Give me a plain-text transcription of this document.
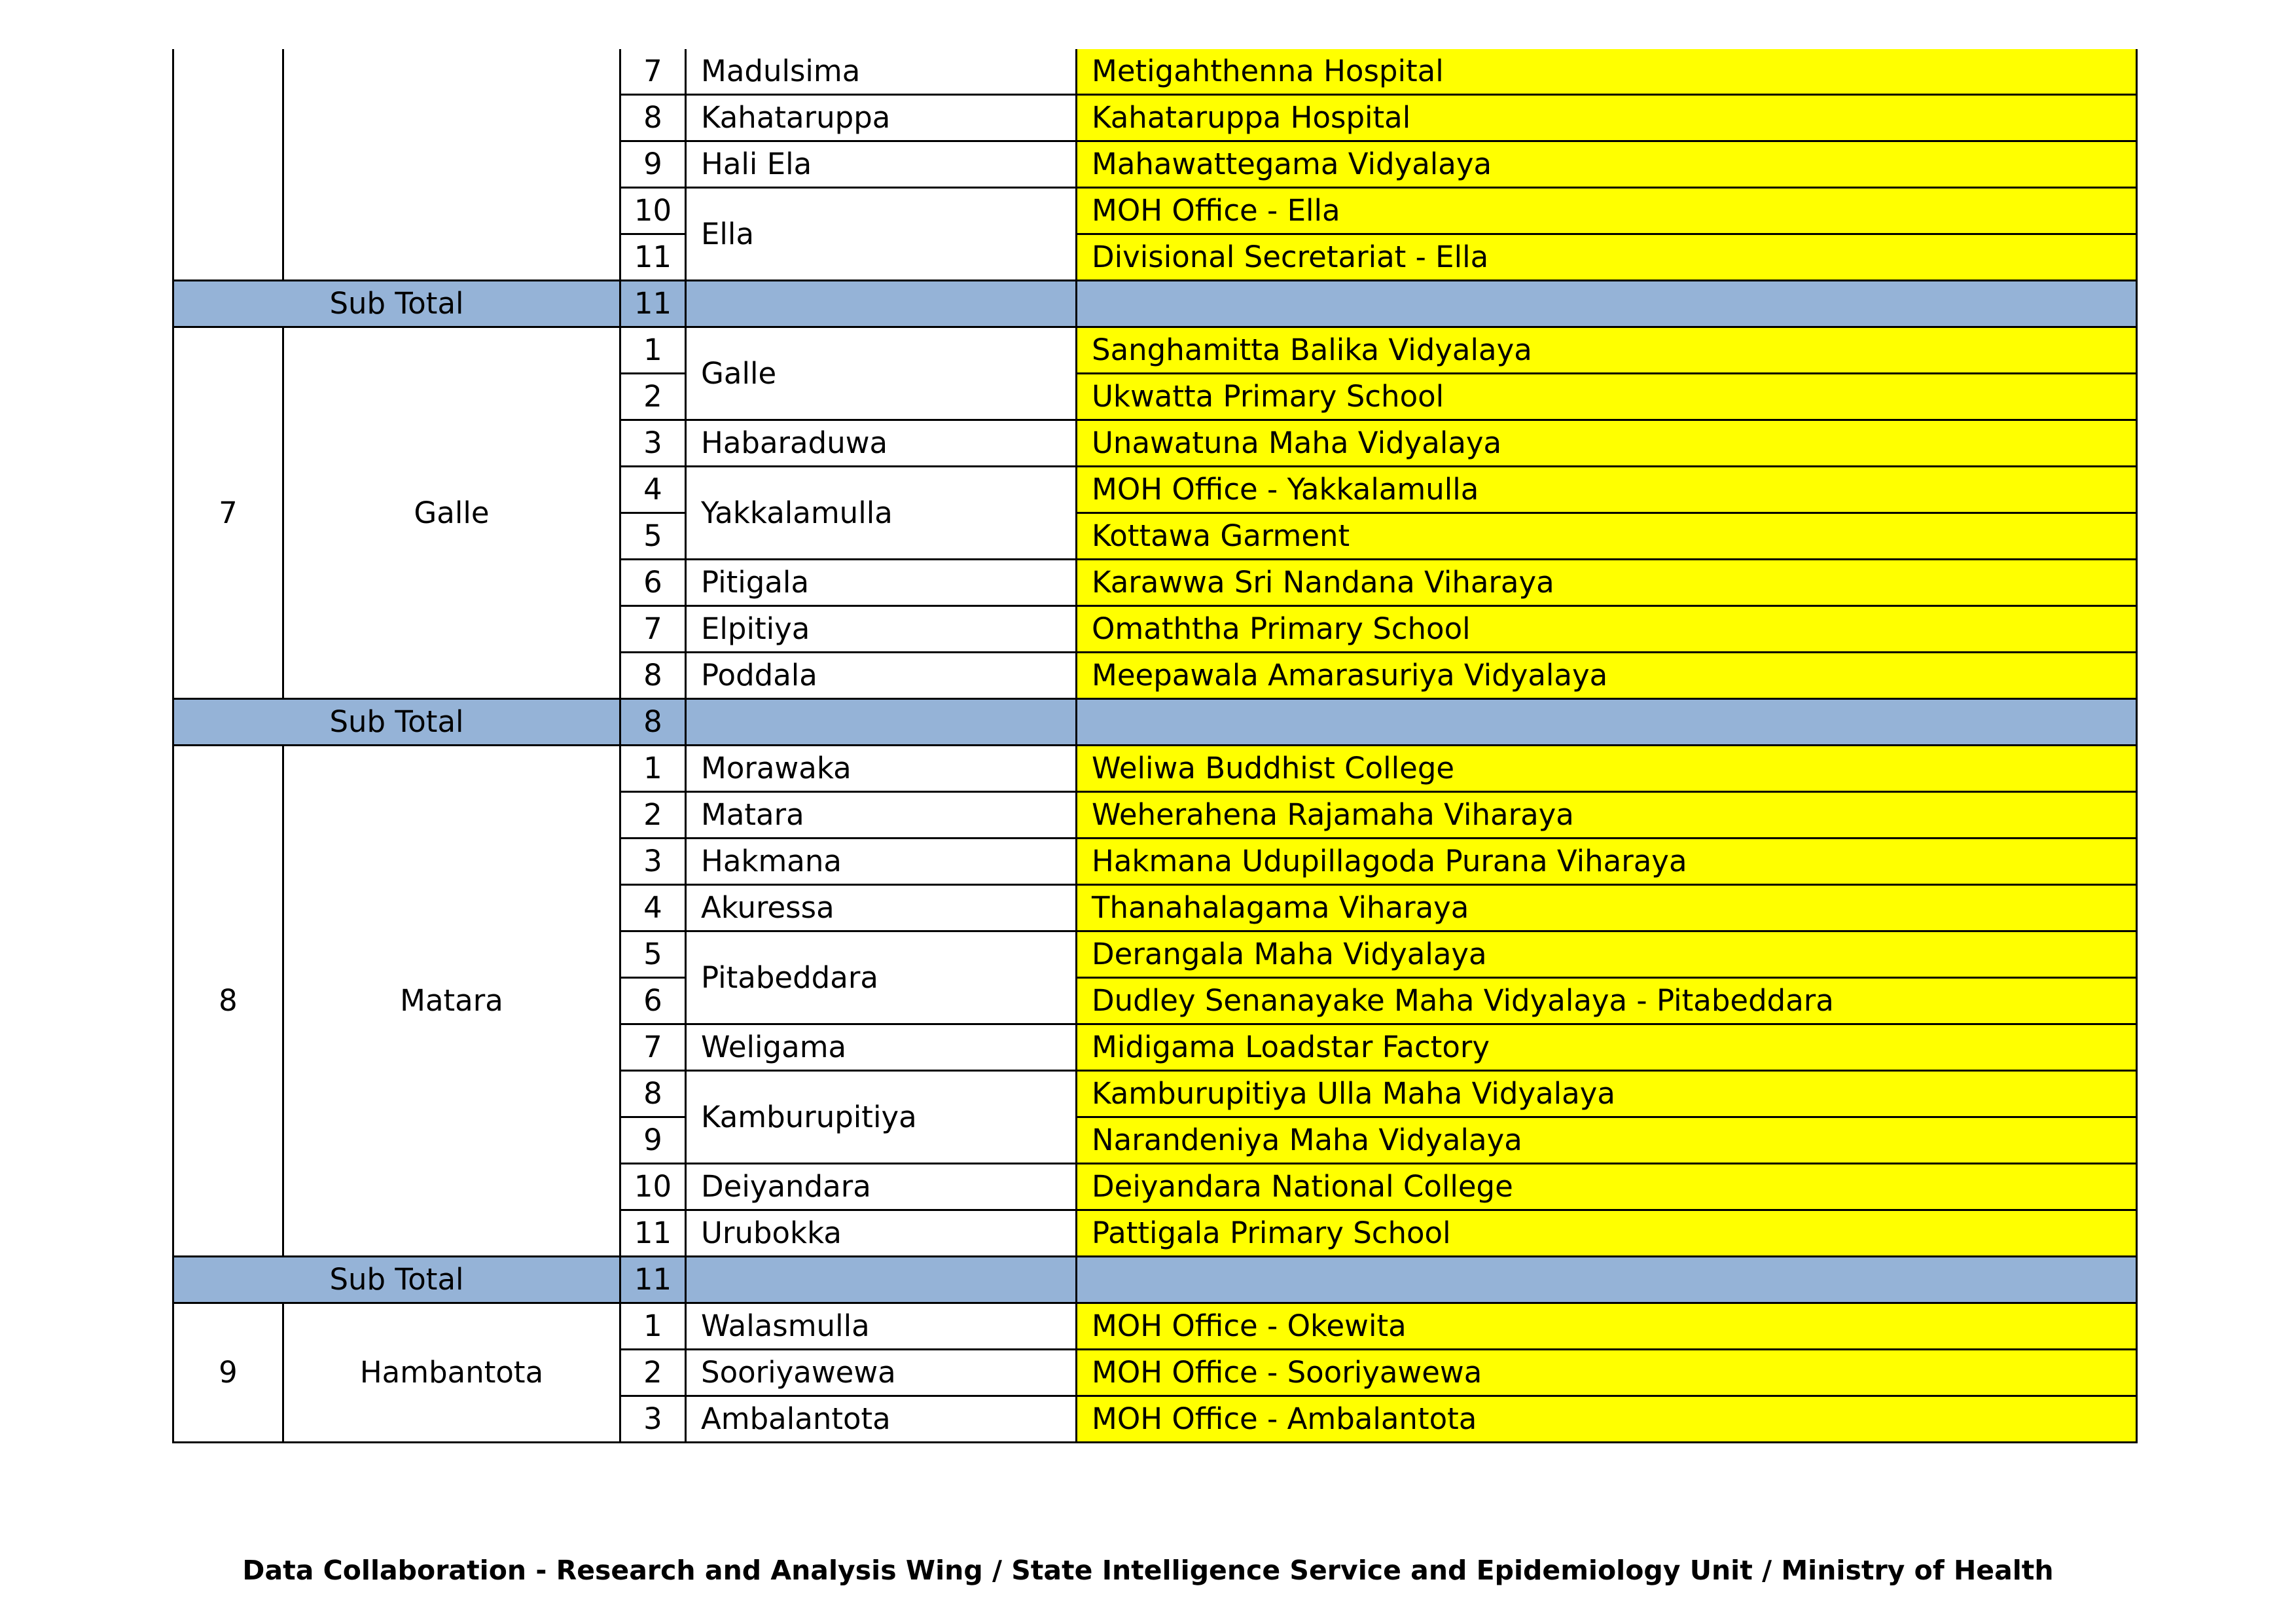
		7	Madulsima	Metigahthenna Hospital
		8	Kahataruppa	Kahataruppa Hospital
		9	Hali Ela	Mahawattegama Vidyalaya
		10	Ella	MOH Office - Ella
		11		Divisional Secretariat - Ella
Sub Total		11		
7	Galle	1	Galle	Sanghamitta Balika Vidyalaya
		2		Ukwatta Primary School
		3	Habaraduwa	Unawatuna Maha Vidyalaya
		4	Yakkalamulla	MOH Office - Yakkalamulla
		5		Kottawa Garment
		6	Pitigala	Karawwa Sri Nandana Viharaya
		7	Elpitiya	Omaththa Primary School
		8	Poddala	Meepawala Amarasuriya Vidyalaya
Sub Total		8		
8	Matara	1	Morawaka	Weliwa Buddhist College
		2	Matara	Weherahena Rajamaha Viharaya
		3	Hakmana	Hakmana Udupillagoda Purana Viharaya
		4	Akuressa	Thanahalagama Viharaya
		5	Pitabeddara	Derangala Maha Vidyalaya
		6		Dudley Senanayake Maha Vidyalaya - Pitabeddara
		7	Weligama	Midigama Loadstar Factory
		8	Kamburupitiya	Kamburupitiya Ulla Maha Vidyalaya
		9		Narandeniya Maha Vidyalaya
		10	Deiyandara	Deiyandara National College
		11	Urubokka	Pattigala Primary School
Sub Total		11		
9	Hambantota	1	Walasmulla	MOH Office - Okewita
		2	Sooriyawewa	MOH Office - Sooriyawewa
		3	Ambalantota	MOH Office - Ambalantota
Data Collaboration - Research and Analysis Wing / State Intelligence Service and Epidemiology Unit / Ministry of Health
